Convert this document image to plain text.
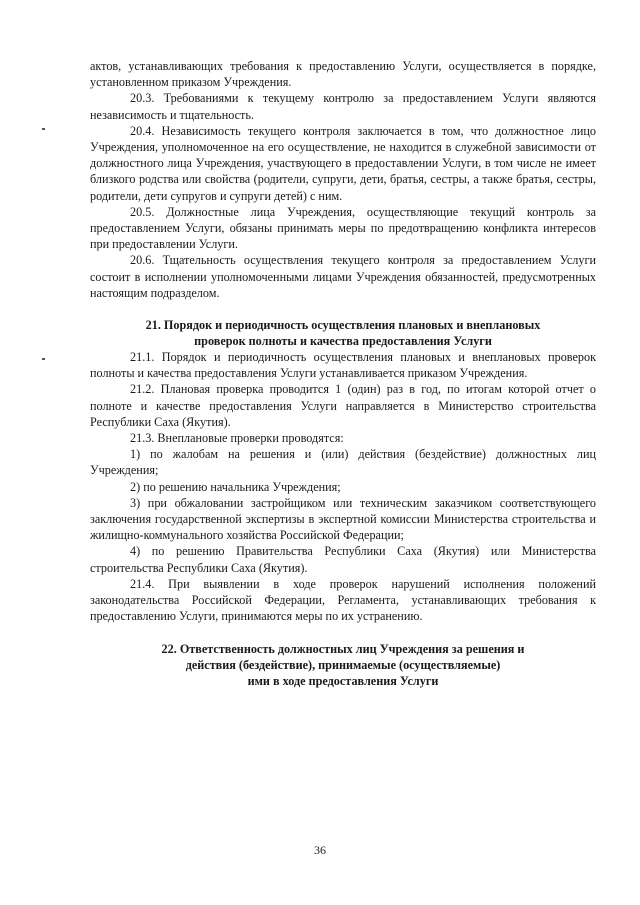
актов, устанавливающих требования к предоставлению Услуги, осуществляется в порядке, установленном приказом Учреждения.

20.3. Требованиями к текущему контролю за предоставлением Услуги являются независимость и тщательность.

20.4. Независимость текущего контроля заключается в том, что должностное лицо Учреждения, уполномоченное на его осуществление, не находится в служебной зависимости от должностного лица Учреждения, участвующего в предоставлении Услуги, в том числе не имеет близкого родства или свойства (родители, супруги, дети, братья, сестры, а также братья, сестры, родители, дети супругов и супруги детей) с ним.

20.5. Должностные лица Учреждения, осуществляющие текущий контроль за предоставлением Услуги, обязаны принимать меры по предотвращению конфликта интересов при предоставлении Услуги.

20.6. Тщательность осуществления текущего контроля за предоставлением Услуги состоит в исполнении уполномоченными лицами Учреждения обязанностей, предусмотренных настоящим подразделом.

21. Порядок и периодичность осуществления плановых и внеплановых
проверок полноты и качества предоставления Услуги

21.1. Порядок и периодичность осуществления плановых и внеплановых проверок полноты и качества предоставления Услуги устанавливается приказом Учреждения.

21.2. Плановая проверка проводится 1 (один) раз в год, по итогам которой отчет о полноте и качестве предоставления Услуги направляется в Министерство строительства Республики Саха (Якутия).

21.3. Внеплановые проверки проводятся:

1) по жалобам на решения и (или) действия (бездействие) должностных лиц Учреждения;

2) по решению начальника Учреждения;

3) при обжаловании застройщиком или техническим заказчиком соответствующего заключения государственной экспертизы в экспертной комиссии Министерства строительства и жилищно-коммунального хозяйства Российской Федерации;

4) по решению Правительства Республики Саха (Якутия) или Министерства строительства Республики Саха (Якутия).

21.4. При выявлении в ходе проверок нарушений исполнения положений законодательства Российской Федерации, Регламента, устанавливающих требования к предоставлению Услуги, принимаются меры по их устранению.

22. Ответственность должностных лиц Учреждения за решения и
действия (бездействие), принимаемые (осуществляемые)
ими в ходе предоставления Услуги
36
